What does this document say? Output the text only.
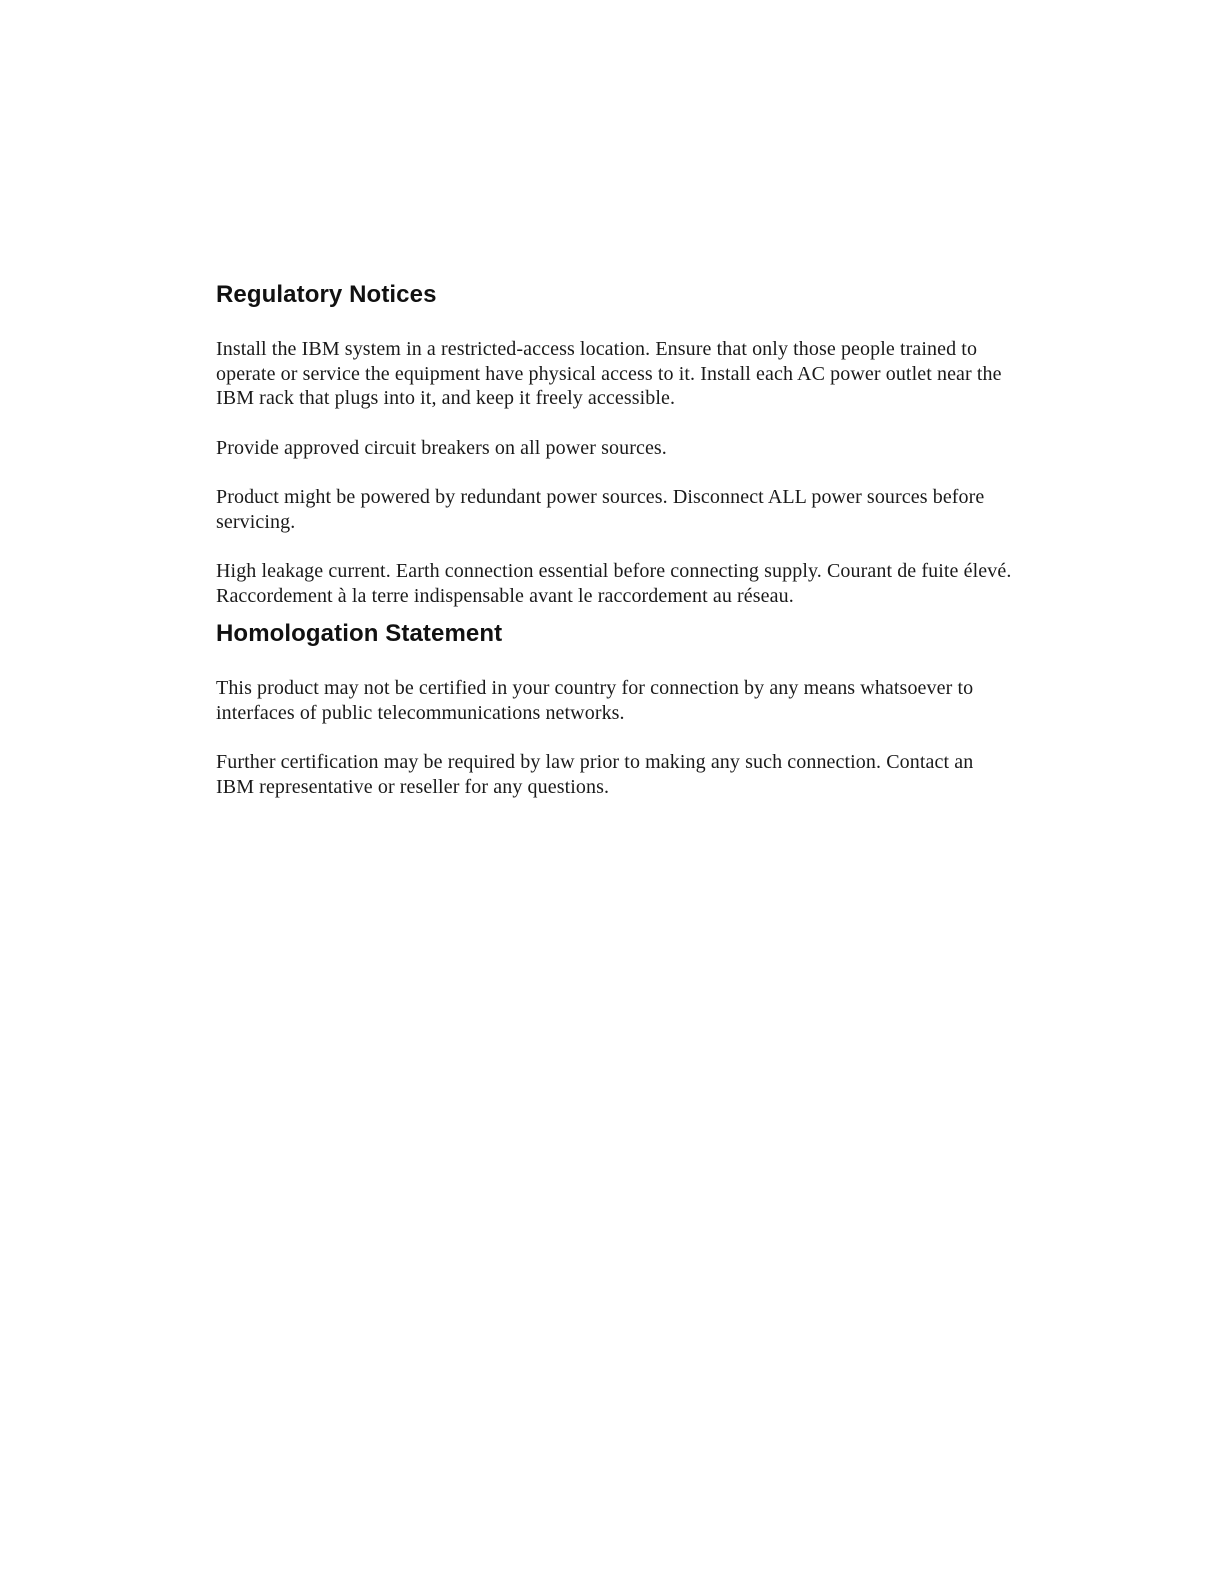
Regulatory Notices

Install the IBM system in a restricted-access location. Ensure that only those people trained to operate or service the equipment have physical access to it. Install each AC power outlet near the IBM rack that plugs into it, and keep it freely accessible.

Provide approved circuit breakers on all power sources.

Product might be powered by redundant power sources. Disconnect ALL power sources before servicing.

High leakage current. Earth connection essential before connecting supply. Courant de fuite élevé. Raccordement à la terre indispensable avant le raccordement au réseau.

Homologation Statement

This product may not be certified in your country for connection by any means whatsoever to interfaces of public telecommunications networks.

Further certification may be required by law prior to making any such connection. Contact an IBM representative or reseller for any questions.
